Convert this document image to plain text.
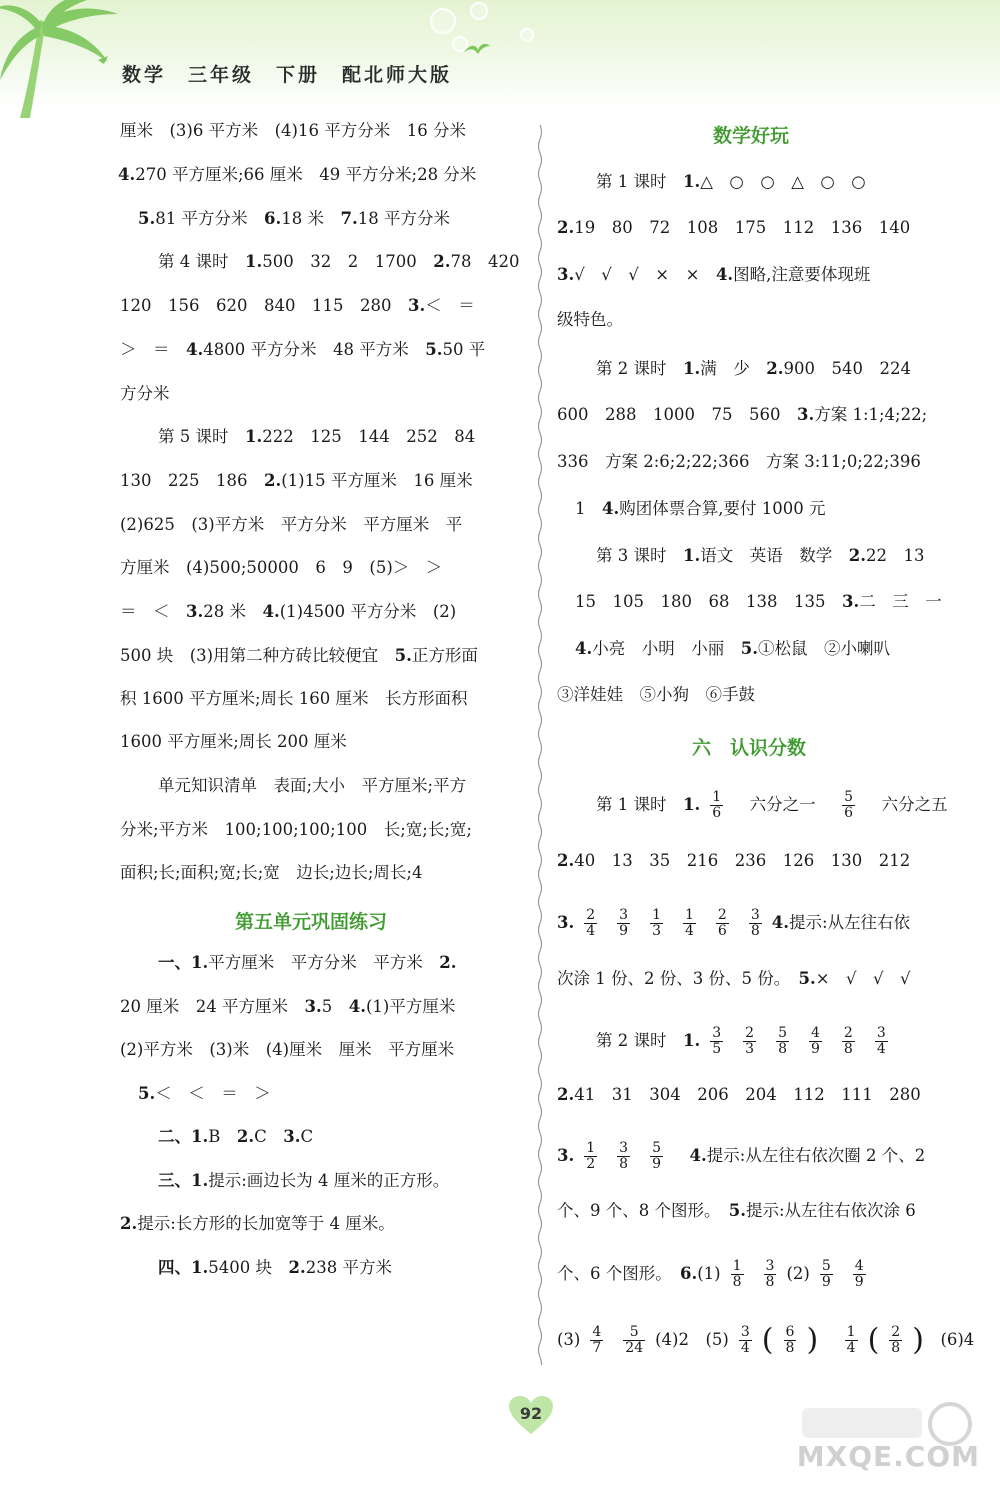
数学　三年级　下册　配北师大版
厘米　(3)6 平方米　(4)16 平方分米　16 分米
4.270 平方厘米;66 厘米　49 平方分米;28 分米
5.81 平方分米　6.18 米　7.18 平方分米
第 4 课时　1.500　32　2　1700　2.78　420
120　156　620　840　115　280　3.＜　＝
＞　＝　4.4800 平方分米　48 平方米　5.50 平
方分米
第 5 课时　1.222　125　144　252　84
130　225　186　2.(1)15 平方厘米　16 厘米
(2)625　(3)平方米　平方分米　平方厘米　平
方厘米　(4)500;50000　6　9　(5)＞　＞
＝　＜　3.28 米　4.(1)4500 平方分米　(2)
500 块　(3)用第二种方砖比较便宜　5.正方形面
积 1600 平方厘米;周长 160 厘米　长方形面积
1600 平方厘米;周长 200 厘米
单元知识清单　表面;大小　平方厘米;平方
分米;平方米　100;100;100;100　长;宽;长;宽;
面积;长;面积;宽;长;宽　边长;边长;周长;4
第五单元巩固练习
一、1.平方厘米　平方分米　平方米　2.
20 厘米　24 平方厘米　3.5　4.(1)平方厘米
(2)平方米　(3)米　(4)厘米　厘米　平方厘米
5.＜　＜　＝　＞
二、1.B　2.C　3.C
三、1.提示:画边长为 4 厘米的正方形。
2.提示:长方形的长加宽等于 4 厘米。
四、1.5400 块　2.238 平方米
数学好玩
第 1 课时　1.△　○　○　△　○　○
2.19　80　72　108　175　112　136　140
3.√　√　√　×　×　4.图略,注意要体现班
级特色。
第 2 课时　1.满　少　2.900　540　224
600　288　1000　75　560　3.方案 1:1;4;22;
336　方案 2:6;2;22;366　方案 3:11;0;22;396
1　4.购团体票合算,要付 1000 元
第 3 课时　1.语文　英语　数学　2.22　13
15　105　180　68　138　135　3.二　三　一
4.小亮　小明　小丽　5.①松鼠　②小喇叭
③洋娃娃　⑤小狗　⑥手鼓
六　认识分数
第 1 课时　1. $\frac{1}{6}$ 　六分之一　 $\frac{5}{6}$ 　六分之五
2.40　13　35　216　236　126　130　212
3. $\frac{2}{4} \frac{3}{9} \frac{1}{3} \frac{1}{4} \frac{2}{6} \frac{3}{8} 4$.提示:从左往右依
次涂 1 份、2 份、3 份、5 份。　5.×　√　√　√
第 2 课时　1. $\frac{3}{5} \frac{2}{3} \frac{5}{8} \frac{4}{9} \frac{2}{8} \frac{3}{4}$
2.41　31　304　206　204　112　111　280
3. $\frac{1}{2} \frac{3}{8} \frac{5}{9}$
　 4.提示:从左往右依次圈 2 个、2
个、9 个、8 个图形。　5.提示:从左往右依次涂 6
个、6 个图形。　$6.(1) \frac{1}{8} \frac{3}{8} (2) \frac{5}{9} \frac{4}{9}$
$(3) \frac{4}{7} \frac{5}{24} (4)2$　$(5) \frac{3}{4}$ ( $\frac{6}{8}$ )　 $\frac{1}{4}$ ( $\frac{2}{8}$ )　(6)4
92
MXQE.COM
